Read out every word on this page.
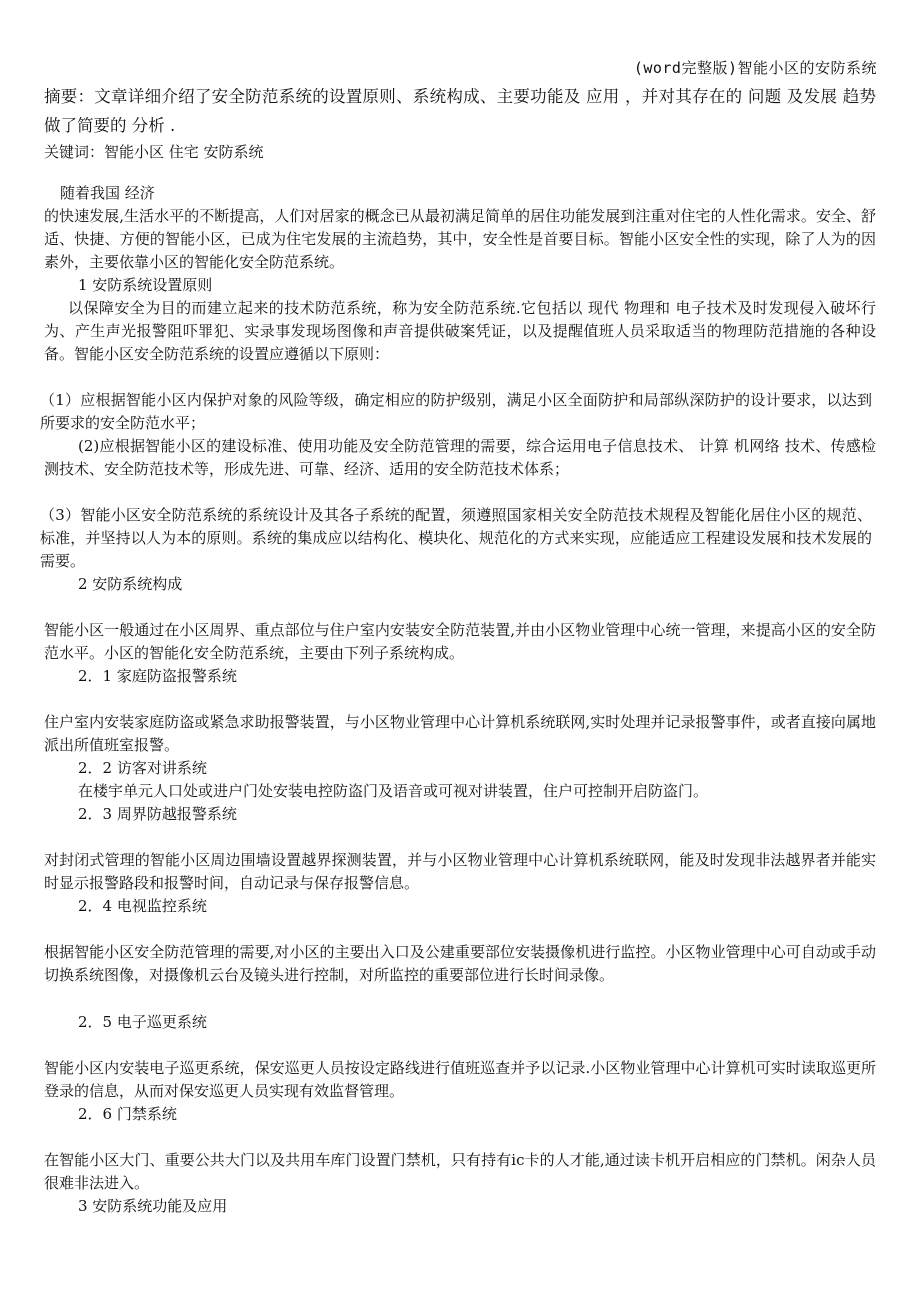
(word完整版)智能小区的安防系统
摘要：文章详细介绍了安全防范系统的设置原则、系统构成、主要功能及 应用 ，并对其存在的 问题 及发展 趋势做了简要的 分析 .
关键词：智能小区 住宅 安防系统
随着我国 经济
的快速发展,生活水平的不断提高，人们对居家的概念已从最初满足简单的居住功能发展到注重对住宅的人性化需求。安全、舒适、快捷、方便的智能小区，已成为住宅发展的主流趋势，其中，安全性是首要目标。智能小区安全性的实现，除了人为的因素外，主要依靠小区的智能化安全防范系统。
1 安防系统设置原则
以保障安全为目的而建立起来的技术防范系统，称为安全防范系统.它包括以 现代 物理和 电子技术及时发现侵入破坏行为、产生声光报警阻吓罪犯、实录事发现场图像和声音提供破案凭证，以及提醒值班人员采取适当的物理防范措施的各种设备。智能小区安全防范系统的设置应遵循以下原则：
（1）应根据智能小区内保护对象的风险等级，确定相应的防护级别，满足小区全面防护和局部纵深防护的设计要求，以达到所要求的安全防范水平；
(2)应根据智能小区的建设标准、使用功能及安全防范管理的需要，综合运用电子信息技术、 计算 机网络 技术、传感检测技术、安全防范技术等，形成先进、可靠、经济、适用的安全防范技术体系；
（3）智能小区安全防范系统的系统设计及其各子系统的配置，须遵照国家相关安全防范技术规程及智能化居住小区的规范、标准，并坚持以人为本的原则。系统的集成应以结构化、模块化、规范化的方式来实现，应能适应工程建设发展和技术发展的需要。
2 安防系统构成
智能小区一般通过在小区周界、重点部位与住户室内安装安全防范装置,并由小区物业管理中心统一管理，来提高小区的安全防范水平。小区的智能化安全防范系统，主要由下列子系统构成。
2．1 家庭防盗报警系统
住户室内安装家庭防盗或紧急求助报警装置，与小区物业管理中心计算机系统联网,实时处理并记录报警事件，或者直接向属地派出所值班室报警。
2．2 访客对讲系统
在楼宇单元人口处或进户门处安装电控防盗门及语音或可视对讲装置，住户可控制开启防盗门。
2．3 周界防越报警系统
对封闭式管理的智能小区周边围墙设置越界探测装置，并与小区物业管理中心计算机系统联网，能及时发现非法越界者并能实时显示报警路段和报警时间，自动记录与保存报警信息。
2．4 电视监控系统
根据智能小区安全防范管理的需要,对小区的主要出入口及公建重要部位安装摄像机进行监控。小区物业管理中心可自动或手动切换系统图像，对摄像机云台及镜头进行控制，对所监控的重要部位进行长时间录像。
2．5 电子巡更系统
智能小区内安装电子巡更系统，保安巡更人员按设定路线进行值班巡查并予以记录.小区物业管理中心计算机可实时读取巡更所登录的信息，从而对保安巡更人员实现有效监督管理。
2．6 门禁系统
在智能小区大门、重要公共大门以及共用车库门设置门禁机，只有持有ic卡的人才能,通过读卡机开启相应的门禁机。闲杂人员很难非法进入。
3 安防系统功能及应用
